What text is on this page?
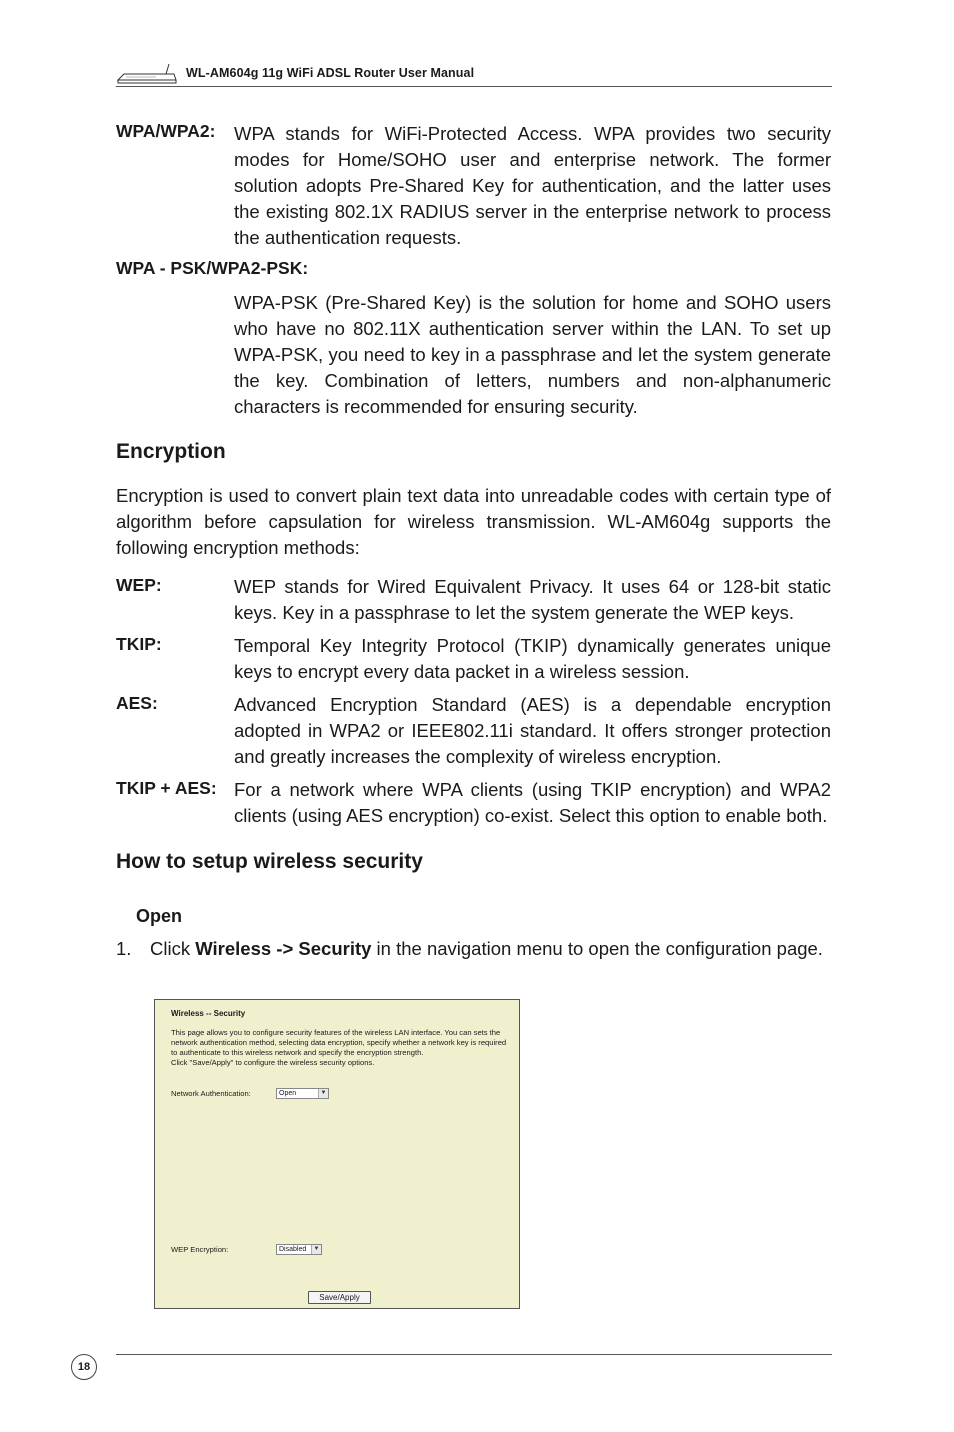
WL-AM604g 11g WiFi ADSL Router User Manual
WPA/WPA2: WPA stands for WiFi-Protected Access. WPA provides two security modes for Home/SOHO user and enterprise network. The former solution adopts Pre-Shared Key for authentication, and the latter uses the existing 802.1X RADIUS server in the enterprise network to process the authentication requests.
WPA - PSK/WPA2-PSK:
WPA-PSK (Pre-Shared Key) is the solution for home and SOHO users who have no 802.11X authentication server within the LAN. To set up WPA-PSK, you need to key in a passphrase and let the system generate the key. Combination of letters, numbers and non-alphanumeric characters is recommended for ensuring security.
Encryption
Encryption is used to convert plain text data into unreadable codes with certain type of algorithm before capsulation for wireless transmission. WL-AM604g supports the following encryption methods:
WEP:	WEP stands for Wired Equivalent Privacy. It uses 64 or 128-bit static keys. Key in a passphrase to let the system generate the WEP keys.
TKIP:	Temporal Key Integrity Protocol (TKIP) dynamically generates unique keys to encrypt every data packet in a wireless session.
AES:	Advanced Encryption Standard (AES) is a dependable encryption adopted in WPA2 or IEEE802.11i standard. It offers stronger protection and greatly increases the complexity of wireless encryption.
TKIP + AES: For a network where WPA clients (using TKIP encryption) and WPA2 clients (using AES encryption) co-exist. Select this option to enable both.
How to setup wireless security
Open
1. Click Wireless -> Security in the navigation menu to open the configuration page.
Wireless -- Security
This page allows you to configure security features of the wireless LAN interface. You can sets the network authentication method, selecting data encryption, specify whether a network key is required to authenticate to this wireless network and specify the encryption strength.
Click "Save/Apply" to configure the wireless security options.
Network Authentication:	Open	▼
WEP Encryption:	Disabled	▼
Save/Apply
18
